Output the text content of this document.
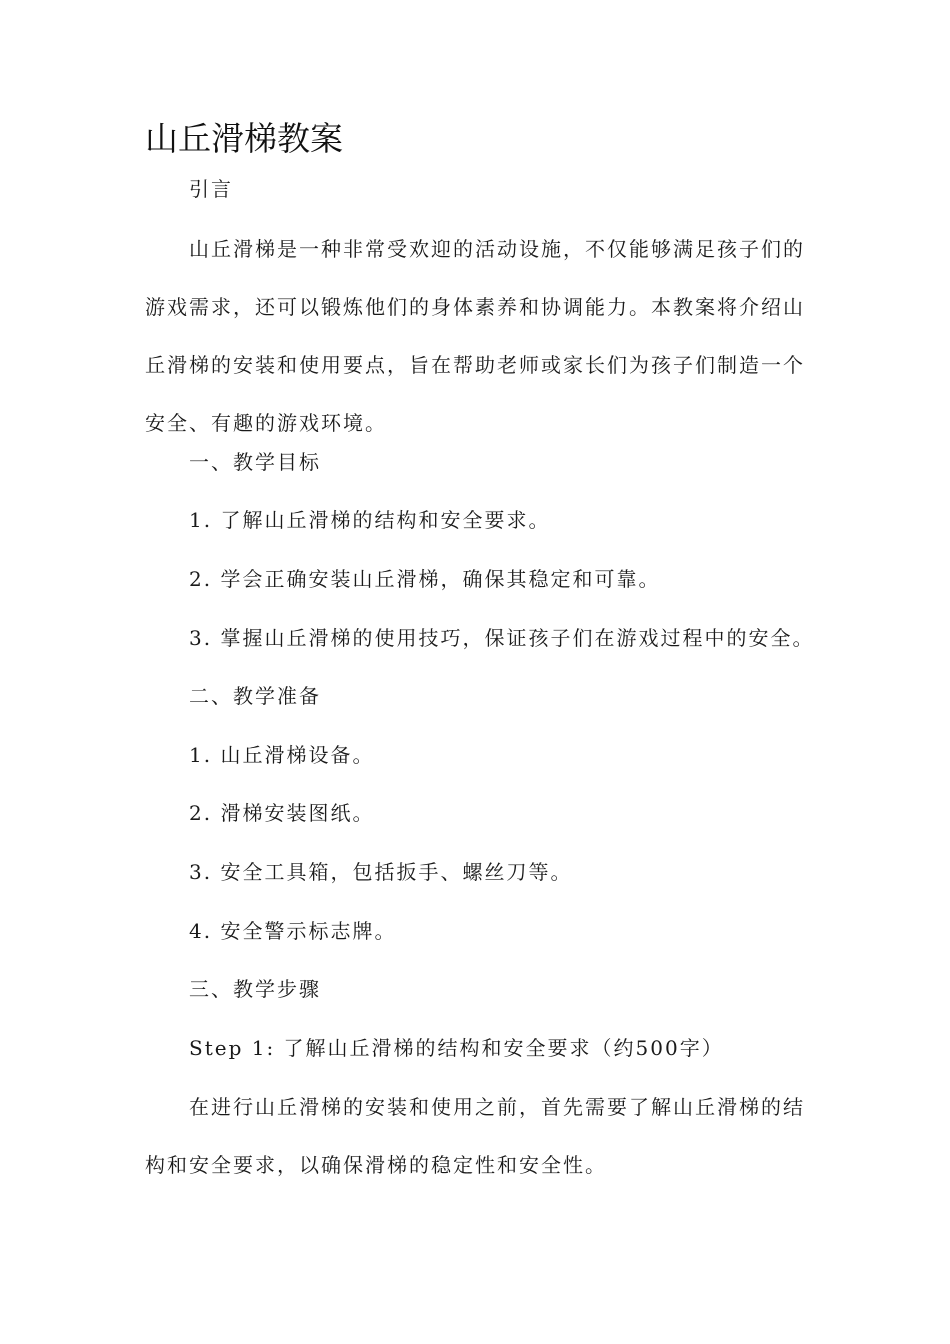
山丘滑梯教案

引言

山丘滑梯是一种非常受欢迎的活动设施，不仅能够满足孩子们的游戏需求，还可以锻炼他们的身体素养和协调能力。本教案将介绍山丘滑梯的安装和使用要点，旨在帮助老师或家长们为孩子们制造一个安全、有趣的游戏环境。

一、教学目标

1. 了解山丘滑梯的结构和安全要求。

2. 学会正确安装山丘滑梯，确保其稳定和可靠。

3. 掌握山丘滑梯的使用技巧，保证孩子们在游戏过程中的安全。

二、教学准备

1. 山丘滑梯设备。

2. 滑梯安装图纸。

3. 安全工具箱，包括扳手、螺丝刀等。

4. 安全警示标志牌。

三、教学步骤

Step 1: 了解山丘滑梯的结构和安全要求（约500字）

在进行山丘滑梯的安装和使用之前，首先需要了解山丘滑梯的结构和安全要求，以确保滑梯的稳定性和安全性。
